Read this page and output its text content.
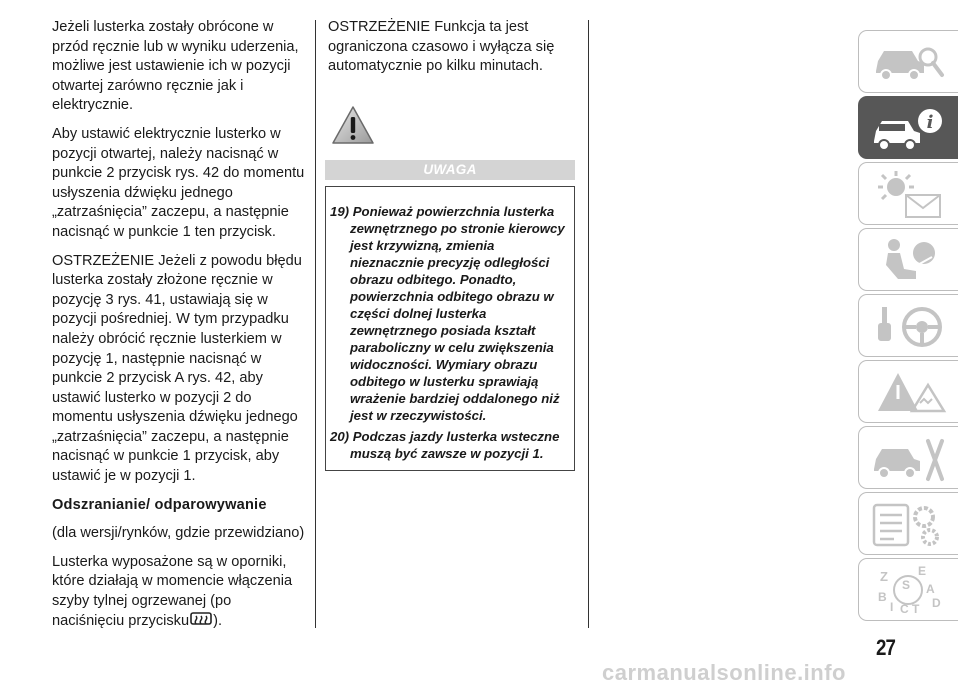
Jeżeli lusterka zostały obrócone w przód ręcznie lub w wyniku uderzenia, możliwe jest ustawienie ich w pozycji otwartej zarówno ręcznie jak i elektrycznie.

Aby ustawić elektrycznie lusterko w pozycji otwartej, należy nacisnąć w punkcie 2 przycisk rys. 42 do momentu usłyszenia dźwięku jednego „zatrzaśnięcia” zaczepu, a następnie nacisnąć w punkcie 1 ten przycisk.

OSTRZEŻENIE Jeżeli z powodu błędu lusterka zostały złożone ręcznie w pozycję 3 rys. 41, ustawiają się w pozycji pośredniej. W tym przypadku należy obrócić ręcznie lusterkiem w pozycję 1, następnie nacisnąć w punkcie 2 przycisk A rys. 42, aby ustawić lusterko w pozycji 2 do momentu usłyszenia dźwięku jednego „zatrzaśnięcia” zaczepu, a następnie nacisnąć w punkcie 1 przycisk, aby ustawić je w pozycji 1.

Odszranianie/ odparowywanie

(dla wersji/rynków, gdzie przewidziano)

Lusterka wyposażone są w oporniki, które działają w momencie włączenia szyby tylnej ogrzewanej (po naciśnięciu przycisku ).

OSTRZEŻENIE Funkcja ta jest ograniczona czasowo i wyłącza się automatycznie po kilku minutach.

UWAGA

19) Ponieważ powierzchnia lusterka zewnętrznego po stronie kierowcy jest krzywizną, zmienia nieznacznie precyzję odległości obrazu odbitego. Ponadto, powierzchnia odbitego obrazu w części dolnej lusterka zewnętrznego posiada kształt paraboliczny w celu zwiększenia widoczności. Wymiary obrazu odbitego w lusterku sprawiają wrażenie bardziej oddalonego niż jest w rzeczywistości.

20) Podczas jazdy lusterka wsteczne muszą być zawsze w pozycji 1.

i
Z	E
S A
B
I C T D
27
carmanualsonline.info
